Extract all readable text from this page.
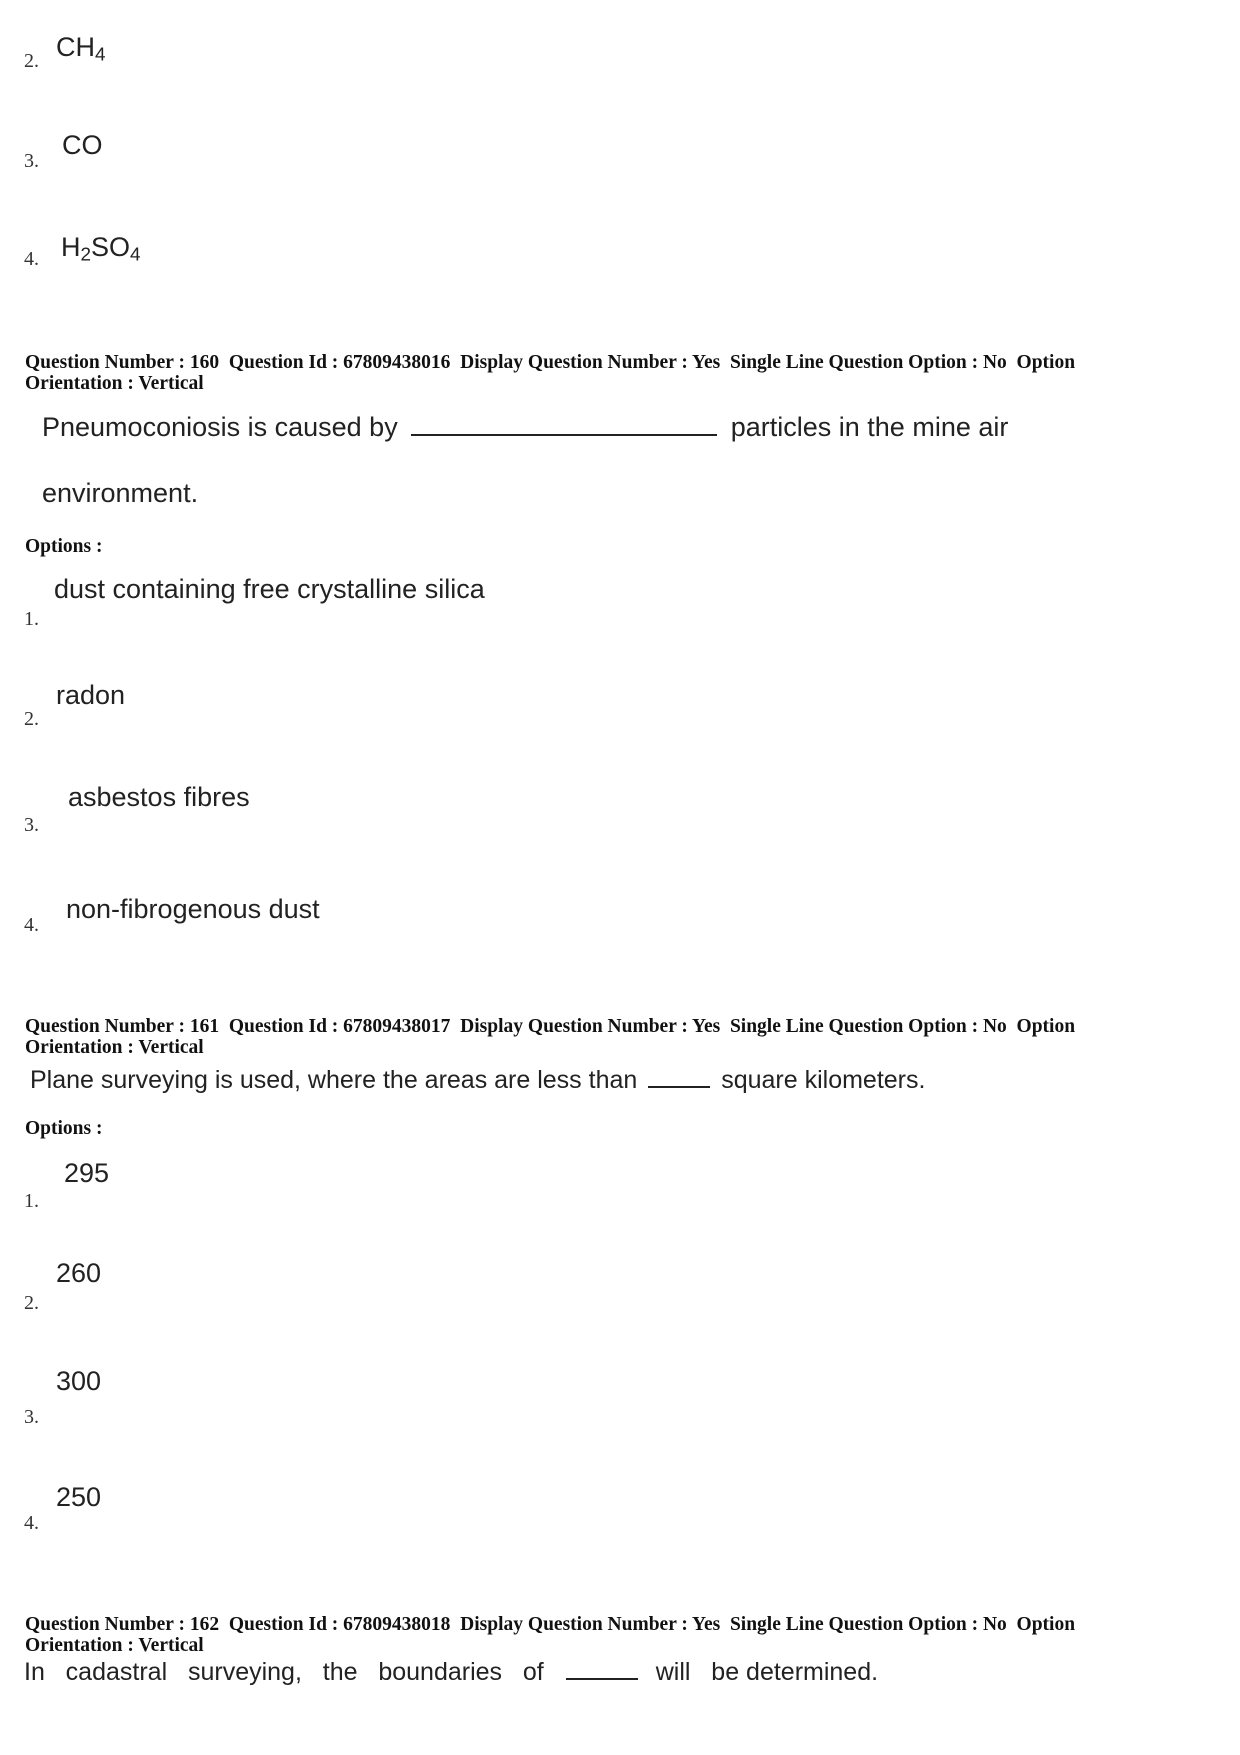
2. $CH_4$
3.
CO
4. $H_2SO_4$
Question Number : 160  Question Id : 67809438016  Display Question Number : Yes  Single Line Question Option : No  Option
Orientation : Vertical
Pneumoconiosis is caused by	particles in the mine air
environment.
Options :
1.
dust containing free crystalline silica
2.
radon
3.
asbestos fibres
4.
non-fibrogenous dust
Question Number : 161  Question Id : 67809438017  Display Question Number : Yes  Single Line Question Option : No  Option
Orientation : Vertical
Plane surveying is used, where the areas are less than	square kilometers.
Options :
1.
295
2.
260
3.
300
4.
250
Question Number : 162  Question Id : 67809438018  Display Question Number : Yes  Single Line Question Option : No  Option
Orientation : Vertical
In   cadastral   surveying,   the   boundaries   of	will   be determined.
